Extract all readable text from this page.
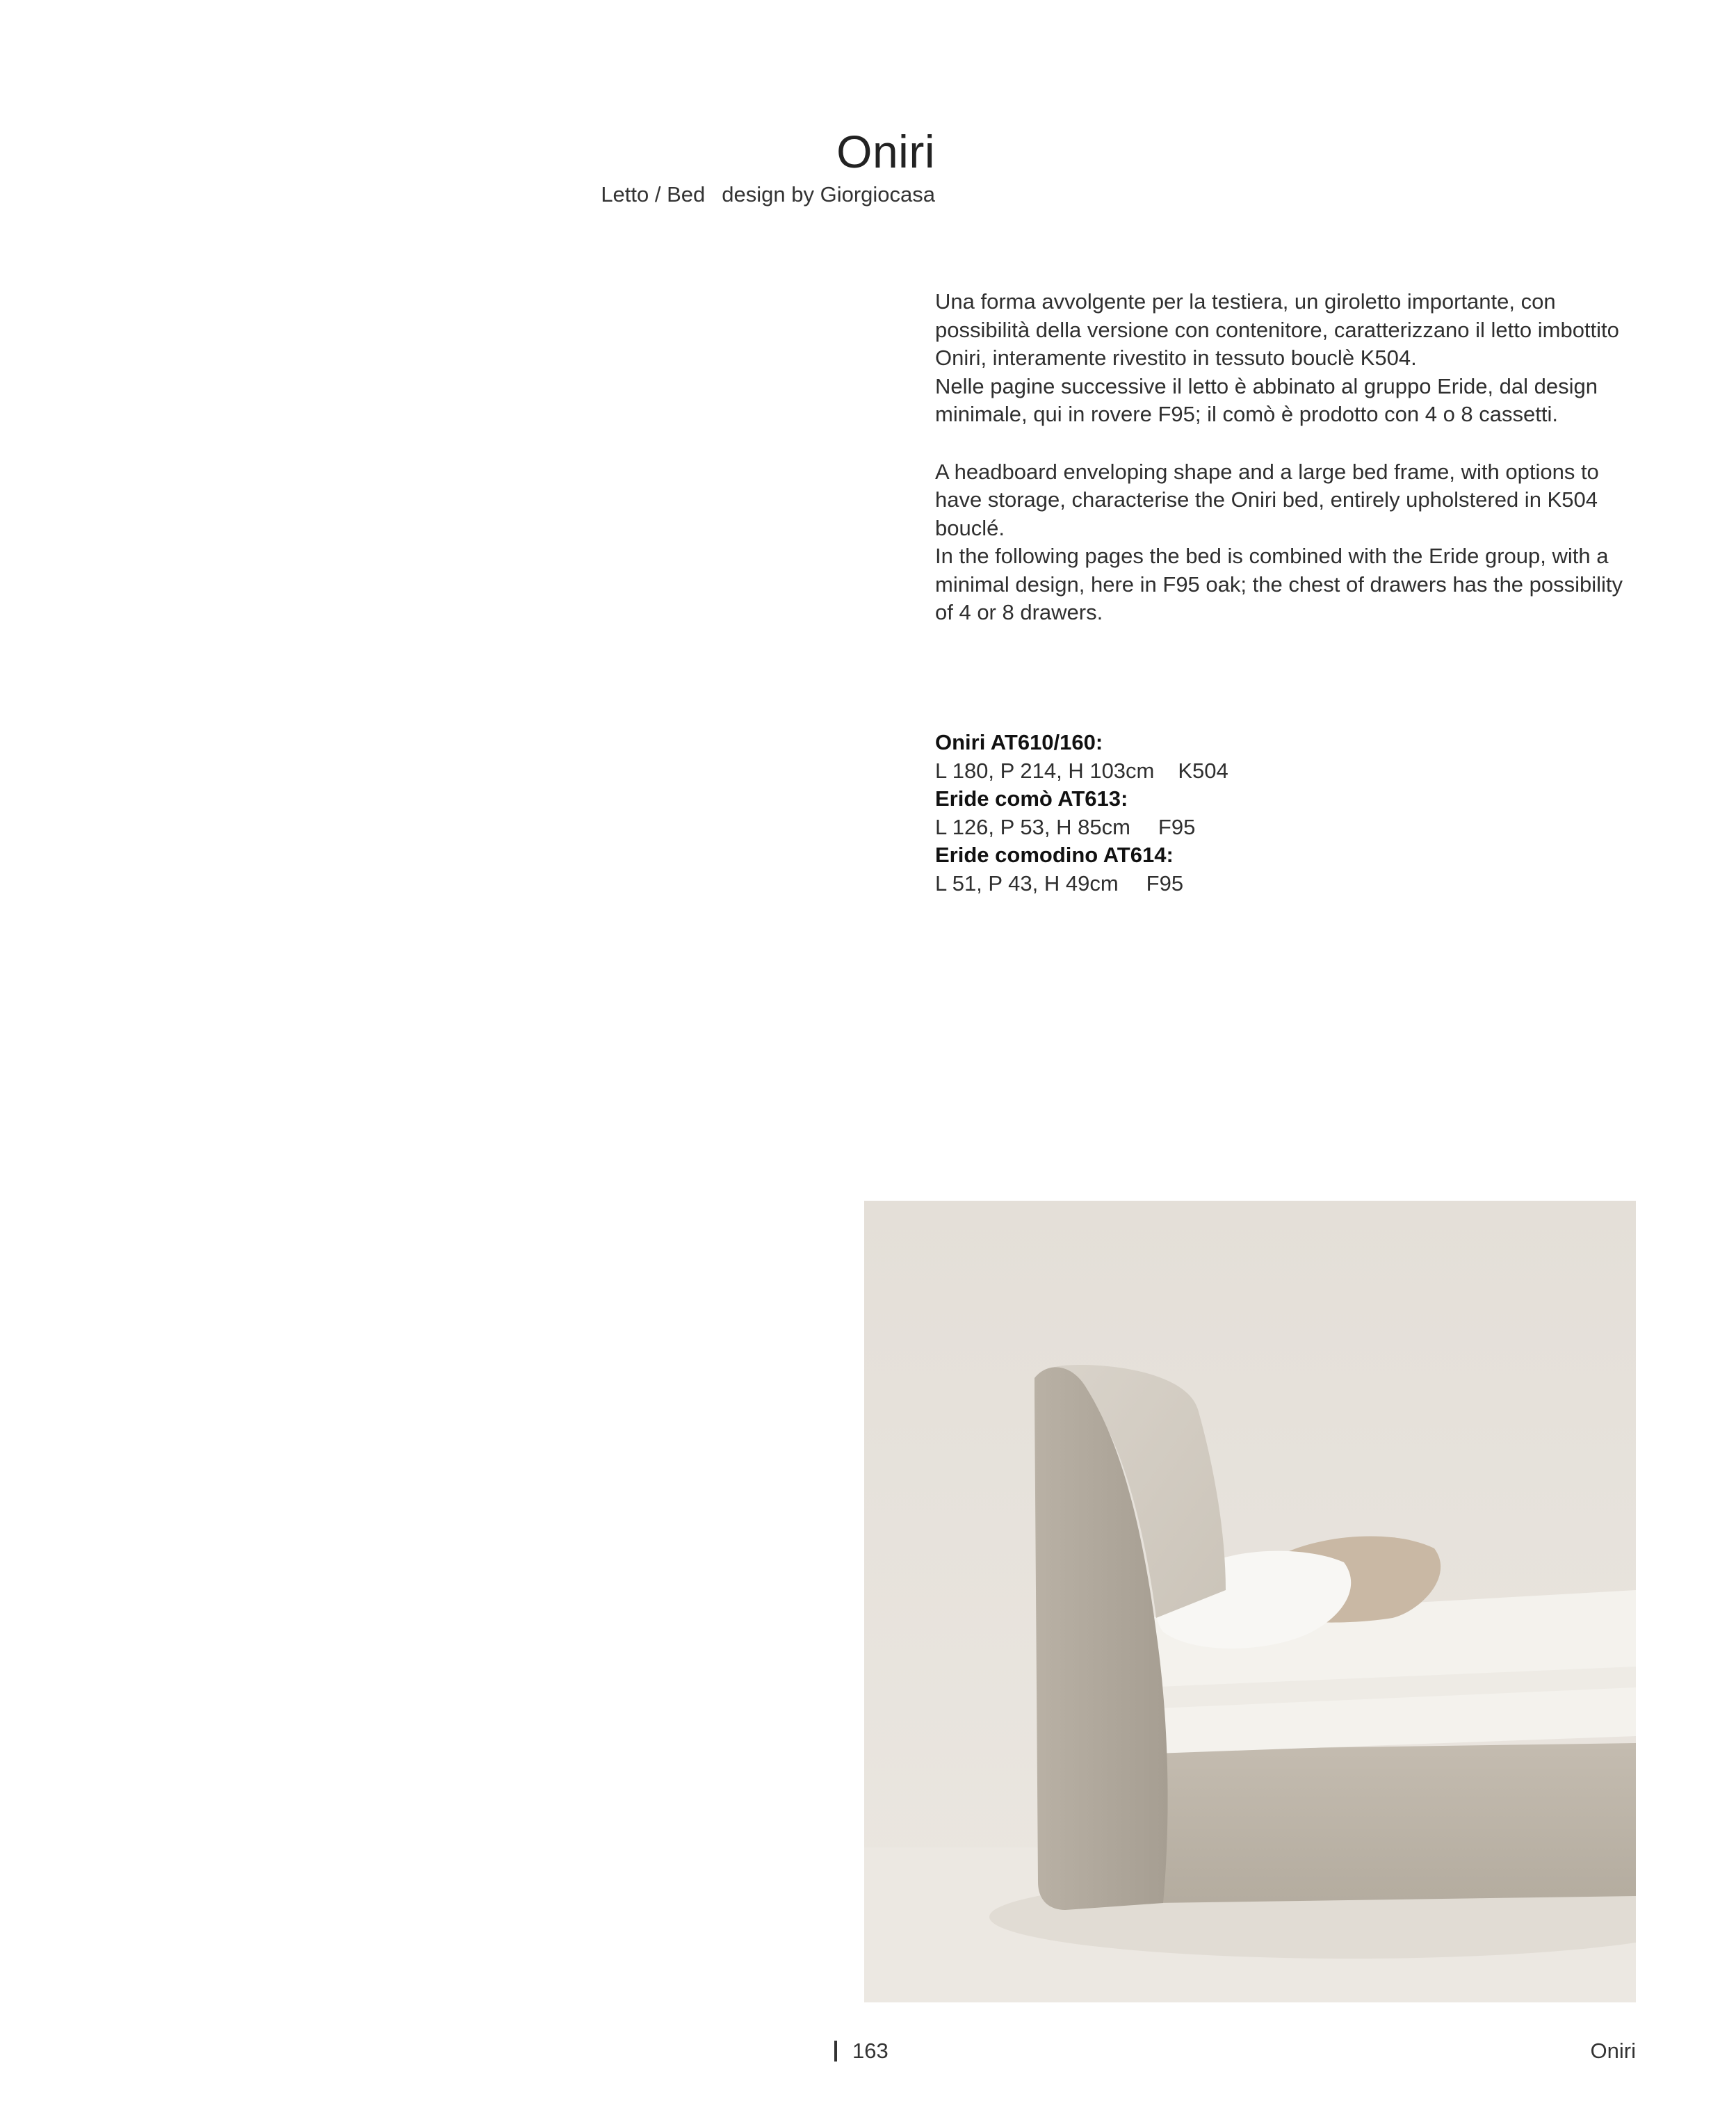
Oniri
Letto / Bed design by Giorgiocasa

Una forma avvolgente per la testiera, un giroletto importante, con possibilità della versione con contenitore, caratterizzano il letto imbottito Oniri, interamente rivestito in tessuto bouclè K504.

Nelle pagine successive il letto è abbinato al gruppo Eride, dal design minimale, qui in rovere F95; il comò è prodotto con 4 o 8 cassetti.

A headboard enveloping shape and a large bed frame, with options to have storage, characterise the Oniri bed, entirely upholstered in K504 bouclé.

In the following pages the bed is combined with the Eride group, with a minimal design, here in F95 oak; the chest of drawers has the possibility of 4 or 8 drawers.

Oniri AT610/160:
L 180, P 214, H 103cm K504
Eride comò AT613:
L 126, P 53, H 85cm F95
Eride comodino AT614:
L 51, P 43, H 49cm F95
163	Oniri
